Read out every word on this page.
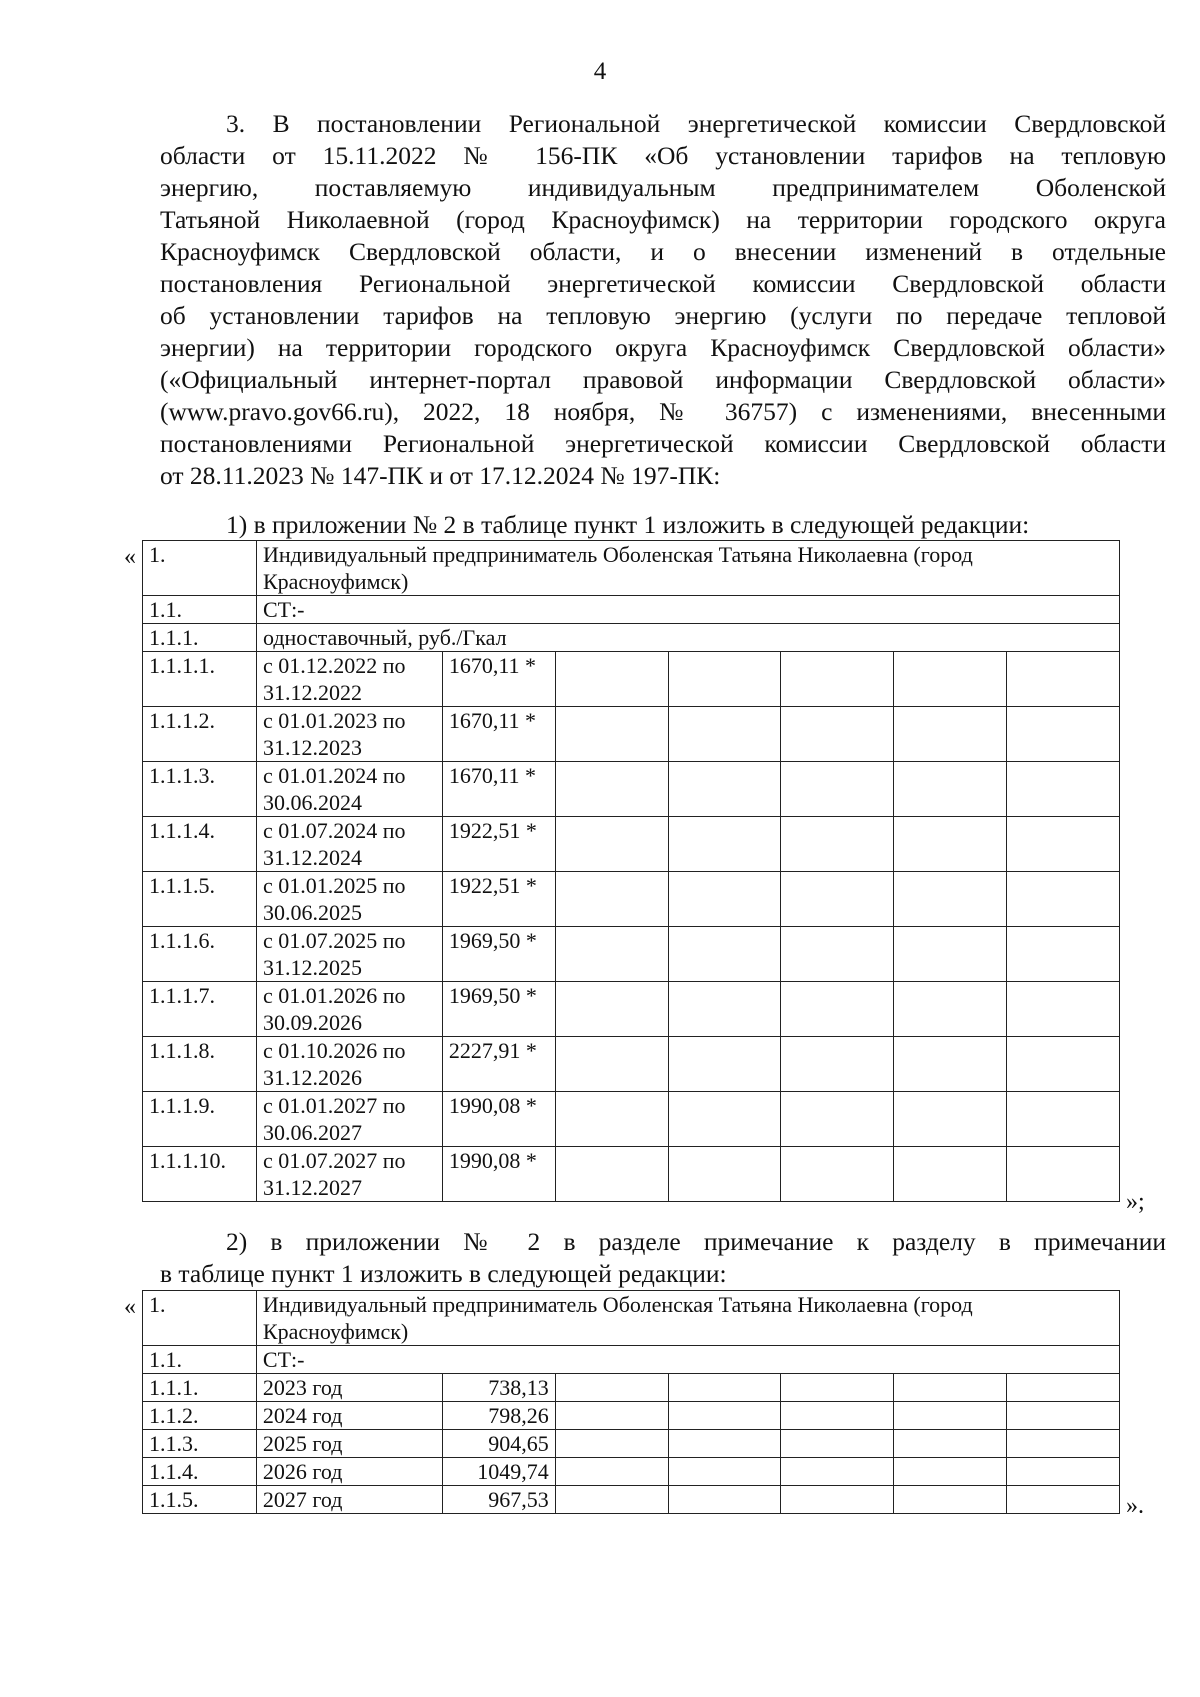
4
3. В постановлении Региональной энергетической комиссии Свердловской
области от 15.11.2022 № 156-ПК «Об установлении тарифов на тепловую
энергию, поставляемую индивидуальным предпринимателем Оболенской
Татьяной Николаевной (город Красноуфимск) на территории городского округа
Красноуфимск Свердловской области, и о внесении изменений в отдельные
постановления Региональной энергетической комиссии Свердловской области
об установлении тарифов на тепловую энергию (услуги по передаче тепловой
энергии) на территории городского округа Красноуфимск Свердловской области»
(«Официальный интернет-портал правовой информации Свердловской области»
(www.pravo.gov66.ru), 2022, 18 ноября, № 36757) с изменениями, внесенными
постановлениями Региональной энергетической комиссии Свердловской области
от 28.11.2023 № 147-ПК и от 17.12.2024 № 197-ПК:
1) в приложении № 2 в таблице пункт 1 изложить в следующей редакции:
« 1.	Индивидуальный предприниматель Оболенская Татьяна Николаевна (город Красноуфимск)						
1.1.	СТ:-						
1.1.1.	одноставочный, руб./Гкал						
1.1.1.1.	с 01.12.2022 по 31.12.2022	1670,11 *					
1.1.1.2.	с 01.01.2023 по 31.12.2023	1670,11 *					
1.1.1.3.	с 01.01.2024 по 30.06.2024	1670,11 *					
1.1.1.4.	с 01.07.2024 по 31.12.2024	1922,51 *					
1.1.1.5.	с 01.01.2025 по 30.06.2025	1922,51 *					
1.1.1.6.	с 01.07.2025 по 31.12.2025	1969,50 *					
1.1.1.7.	с 01.01.2026 по 30.09.2026	1969,50 *					
1.1.1.8.	с 01.10.2026 по 31.12.2026	2227,91 *					
1.1.1.9.	с 01.01.2027 по 30.06.2027	1990,08 *					
1.1.1.10.	с 01.07.2027 по 31.12.2027	1990,08 *					
»;
2) в приложении № 2 в разделе примечание к разделу в примечании
в таблице пункт 1 изложить в следующей редакции:
« 1.	Индивидуальный предприниматель Оболенская Татьяна Николаевна (город Красноуфимск)						
1.1.	СТ:-						
1.1.1.	2023 год	738,13					
1.1.2.	2024 год	798,26					
1.1.3.	2025 год	904,65					
1.1.4.	2026 год	1049,74					
1.1.5.	2027 год	967,53						».
